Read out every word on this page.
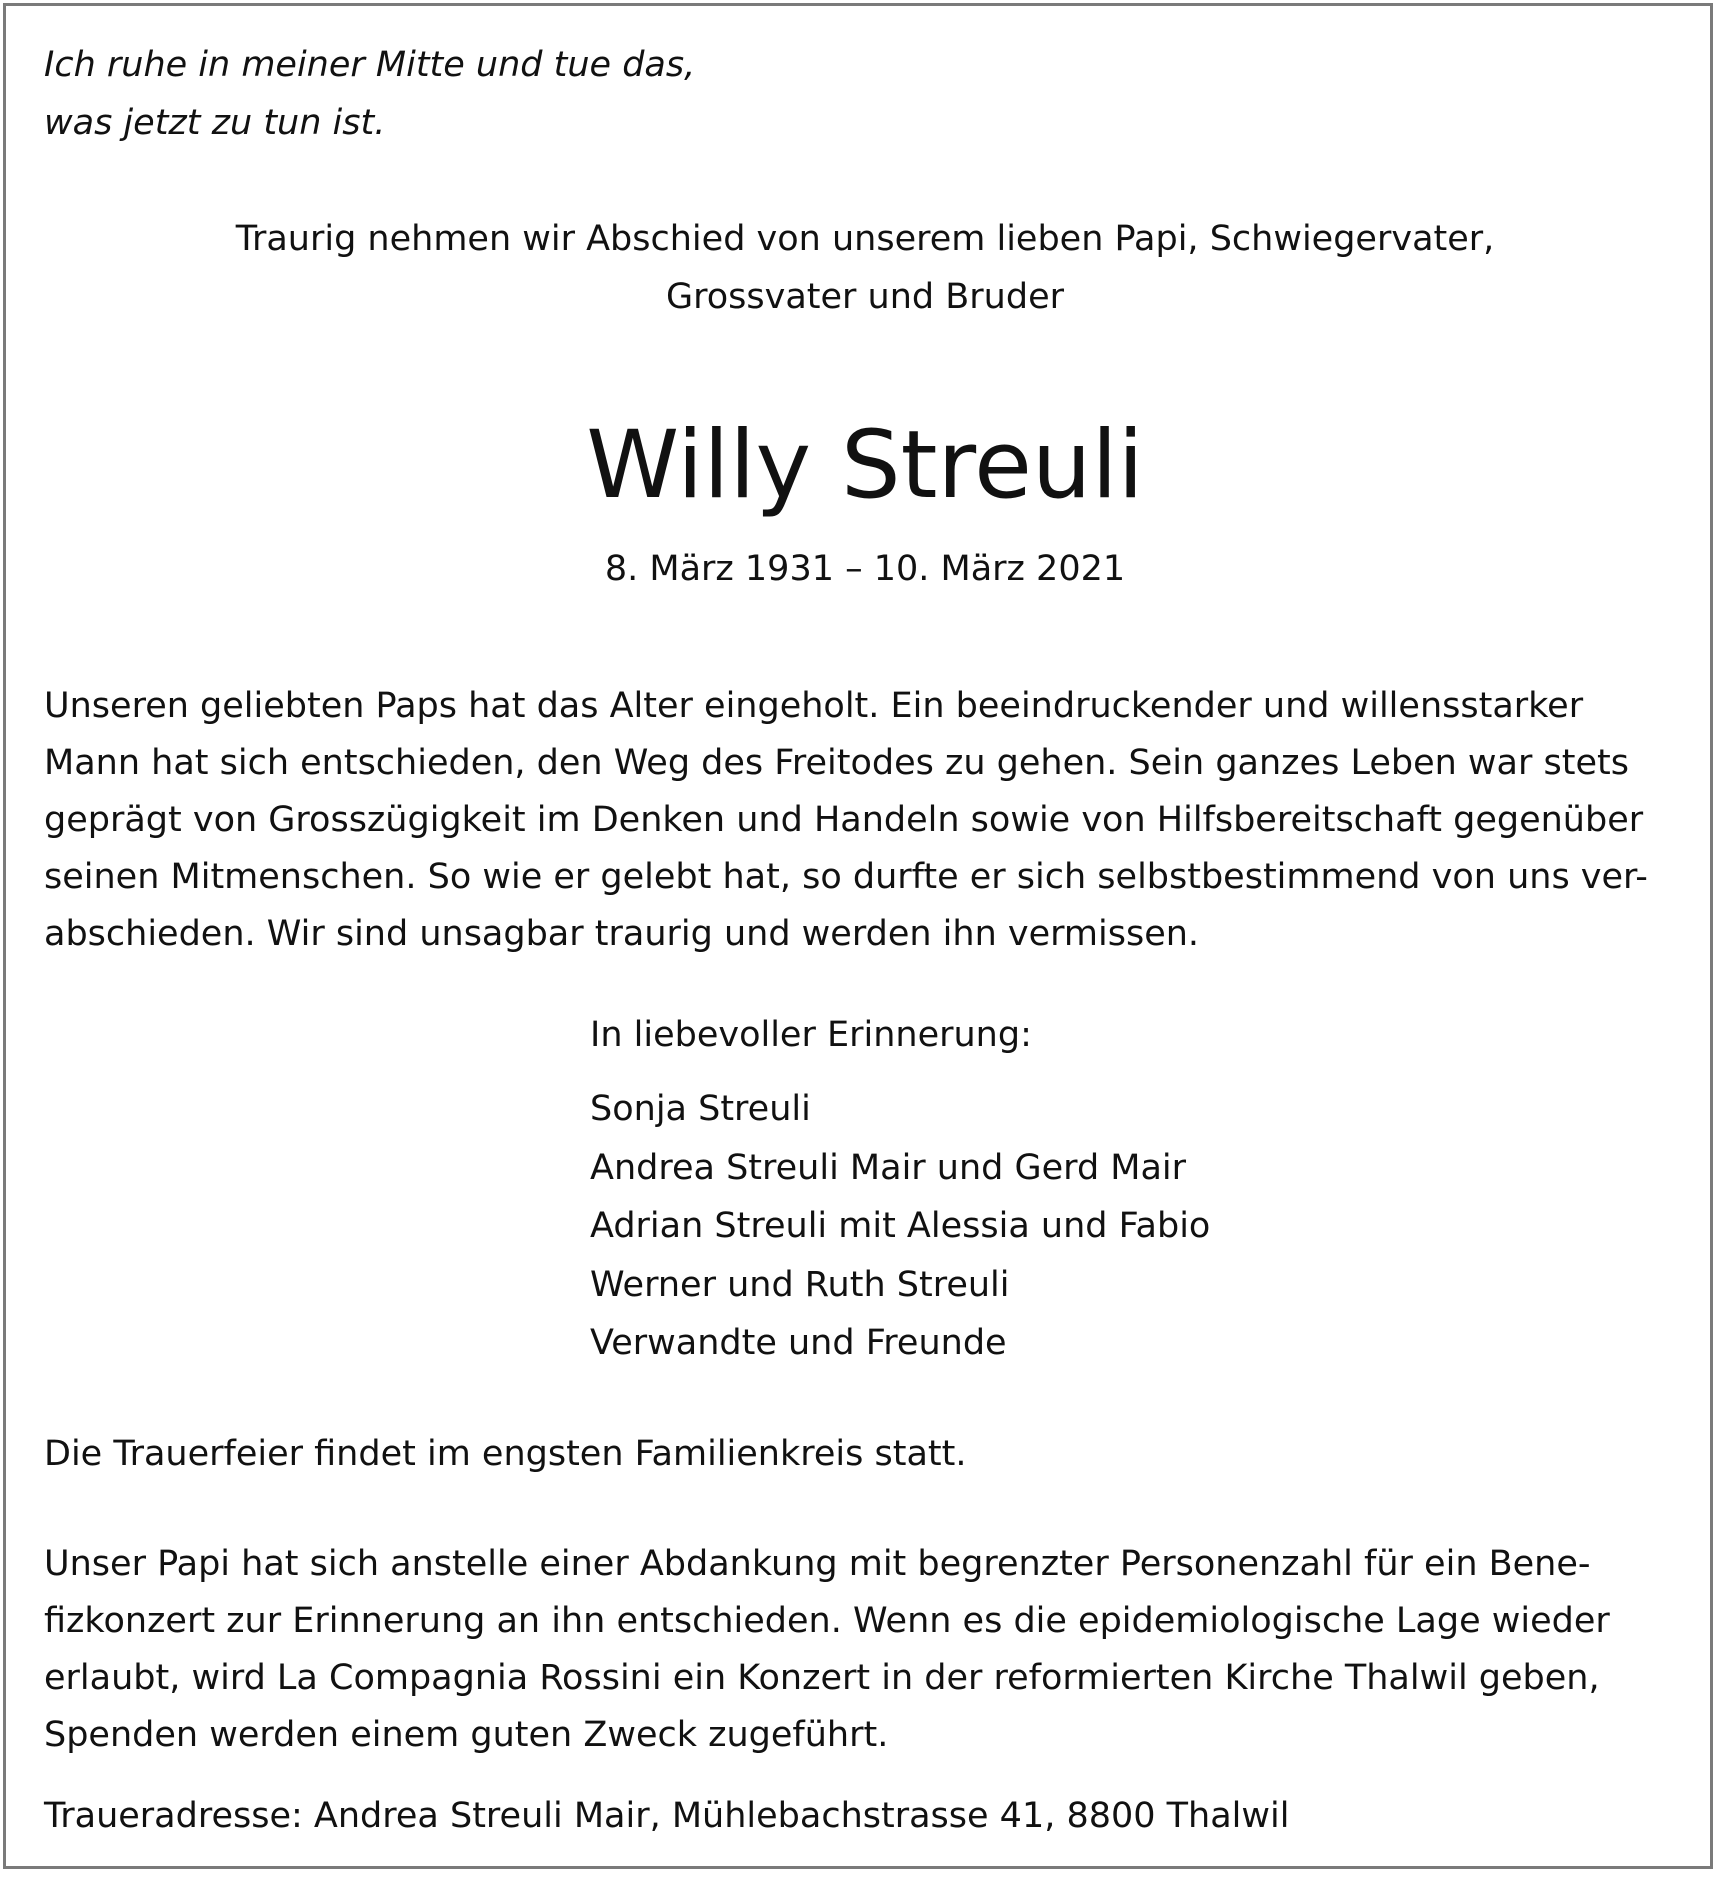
Ich ruhe in meiner Mitte und tue das,
was jetzt zu tun ist.
Traurig nehmen wir Abschied von unserem lieben Papi, Schwiegervater,
Grossvater und Bruder
Willy Streuli
8. März 1931 – 10. März 2021
Unseren geliebten Paps hat das Alter eingeholt. Ein beeindruckender und willensstarker
Mann hat sich entschieden, den Weg des Freitodes zu gehen. Sein ganzes Leben war stets
geprägt von Grosszügigkeit im Denken und Handeln sowie von Hilfsbereitschaft gegenüber
seinen Mitmenschen. So wie er gelebt hat, so durfte er sich selbstbestimmend von uns ver-
abschieden. Wir sind unsagbar traurig und werden ihn vermissen.
In liebevoller Erinnerung:
Sonja Streuli
Andrea Streuli Mair und Gerd Mair
Adrian Streuli mit Alessia und Fabio
Werner und Ruth Streuli
Verwandte und Freunde
Die Trauerfeier findet im engsten Familienkreis statt.
Unser Papi hat sich anstelle einer Abdankung mit begrenzter Personenzahl für ein Bene-
fizkonzert zur Erinnerung an ihn entschieden. Wenn es die epidemiologische Lage wieder
erlaubt, wird La Compagnia Rossini ein Konzert in der reformierten Kirche Thalwil geben,
Spenden werden einem guten Zweck zugeführt.
Traueradresse: Andrea Streuli Mair, Mühlebachstrasse 41, 8800 Thalwil
